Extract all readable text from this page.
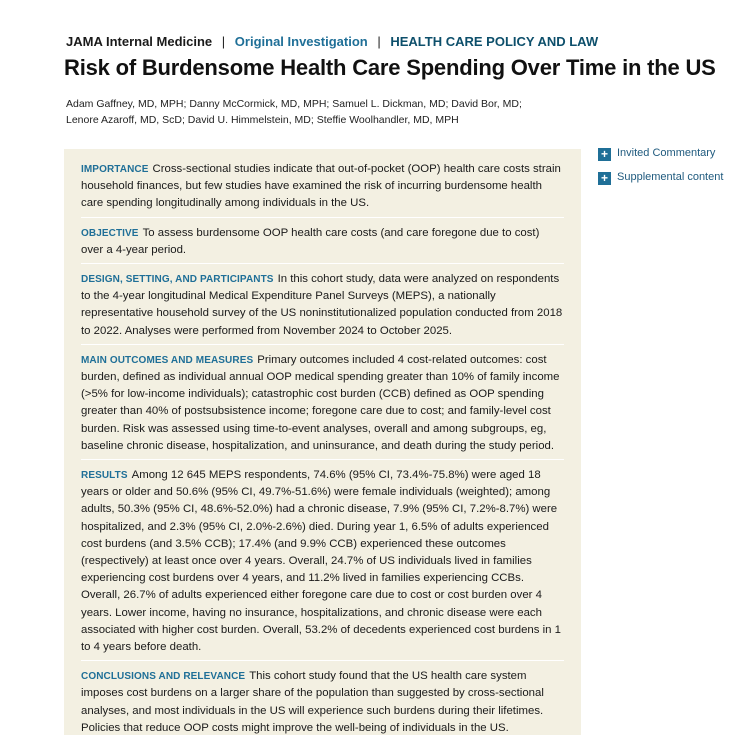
JAMA Internal Medicine | Original Investigation | HEALTH CARE POLICY AND LAW
Risk of Burdensome Health Care Spending Over Time in the US
Adam Gaffney, MD, MPH; Danny McCormick, MD, MPH; Samuel L. Dickman, MD; David Bor, MD;
Lenore Azaroff, MD, ScD; David U. Himmelstein, MD; Steffie Woolhandler, MD, MPH
IMPORTANCE Cross-sectional studies indicate that out-of-pocket (OOP) health care costs strain household finances, but few studies have examined the risk of incurring burdensome health care spending longitudinally among individuals in the US.
OBJECTIVE To assess burdensome OOP health care costs (and care foregone due to cost) over a 4-year period.
DESIGN, SETTING, AND PARTICIPANTS In this cohort study, data were analyzed on respondents to the 4-year longitudinal Medical Expenditure Panel Surveys (MEPS), a nationally representative household survey of the US noninstitutionalized population conducted from 2018 to 2022. Analyses were performed from November 2024 to October 2025.
MAIN OUTCOMES AND MEASURES Primary outcomes included 4 cost-related outcomes: cost burden, defined as individual annual OOP medical spending greater than 10% of family income (>5% for low-income individuals); catastrophic cost burden (CCB) defined as OOP spending greater than 40% of postsubsistence income; foregone care due to cost; and family-level cost burden. Risk was assessed using time-to-event analyses, overall and among subgroups, eg, baseline chronic disease, hospitalization, and uninsurance, and death during the study period.
RESULTS Among 12 645 MEPS respondents, 74.6% (95% CI, 73.4%-75.8%) were aged 18 years or older and 50.6% (95% CI, 49.7%-51.6%) were female individuals (weighted); among adults, 50.3% (95% CI, 48.6%-52.0%) had a chronic disease, 7.9% (95% CI, 7.2%-8.7%) were hospitalized, and 2.3% (95% CI, 2.0%-2.6%) died. During year 1, 6.5% of adults experienced cost burdens (and 3.5% CCB); 17.4% (and 9.9% CCB) experienced these outcomes (respectively) at least once over 4 years. Overall, 24.7% of US individuals lived in families experiencing cost burdens over 4 years, and 11.2% lived in families experiencing CCBs. Overall, 26.7% of adults experienced either foregone care due to cost or cost burden over 4 years. Lower income, having no insurance, hospitalizations, and chronic disease were each associated with higher cost burden. Overall, 53.2% of decedents experienced cost burdens in 1 to 4 years before death.
CONCLUSIONS AND RELEVANCE This cohort study found that the US health care system imposes cost burdens on a larger share of the population than suggested by cross-sectional analyses, and most individuals in the US will experience such burdens during their lifetimes. Policies that reduce OOP costs might improve the well-being of individuals in the US.
+ Invited Commentary
+ Supplemental content
